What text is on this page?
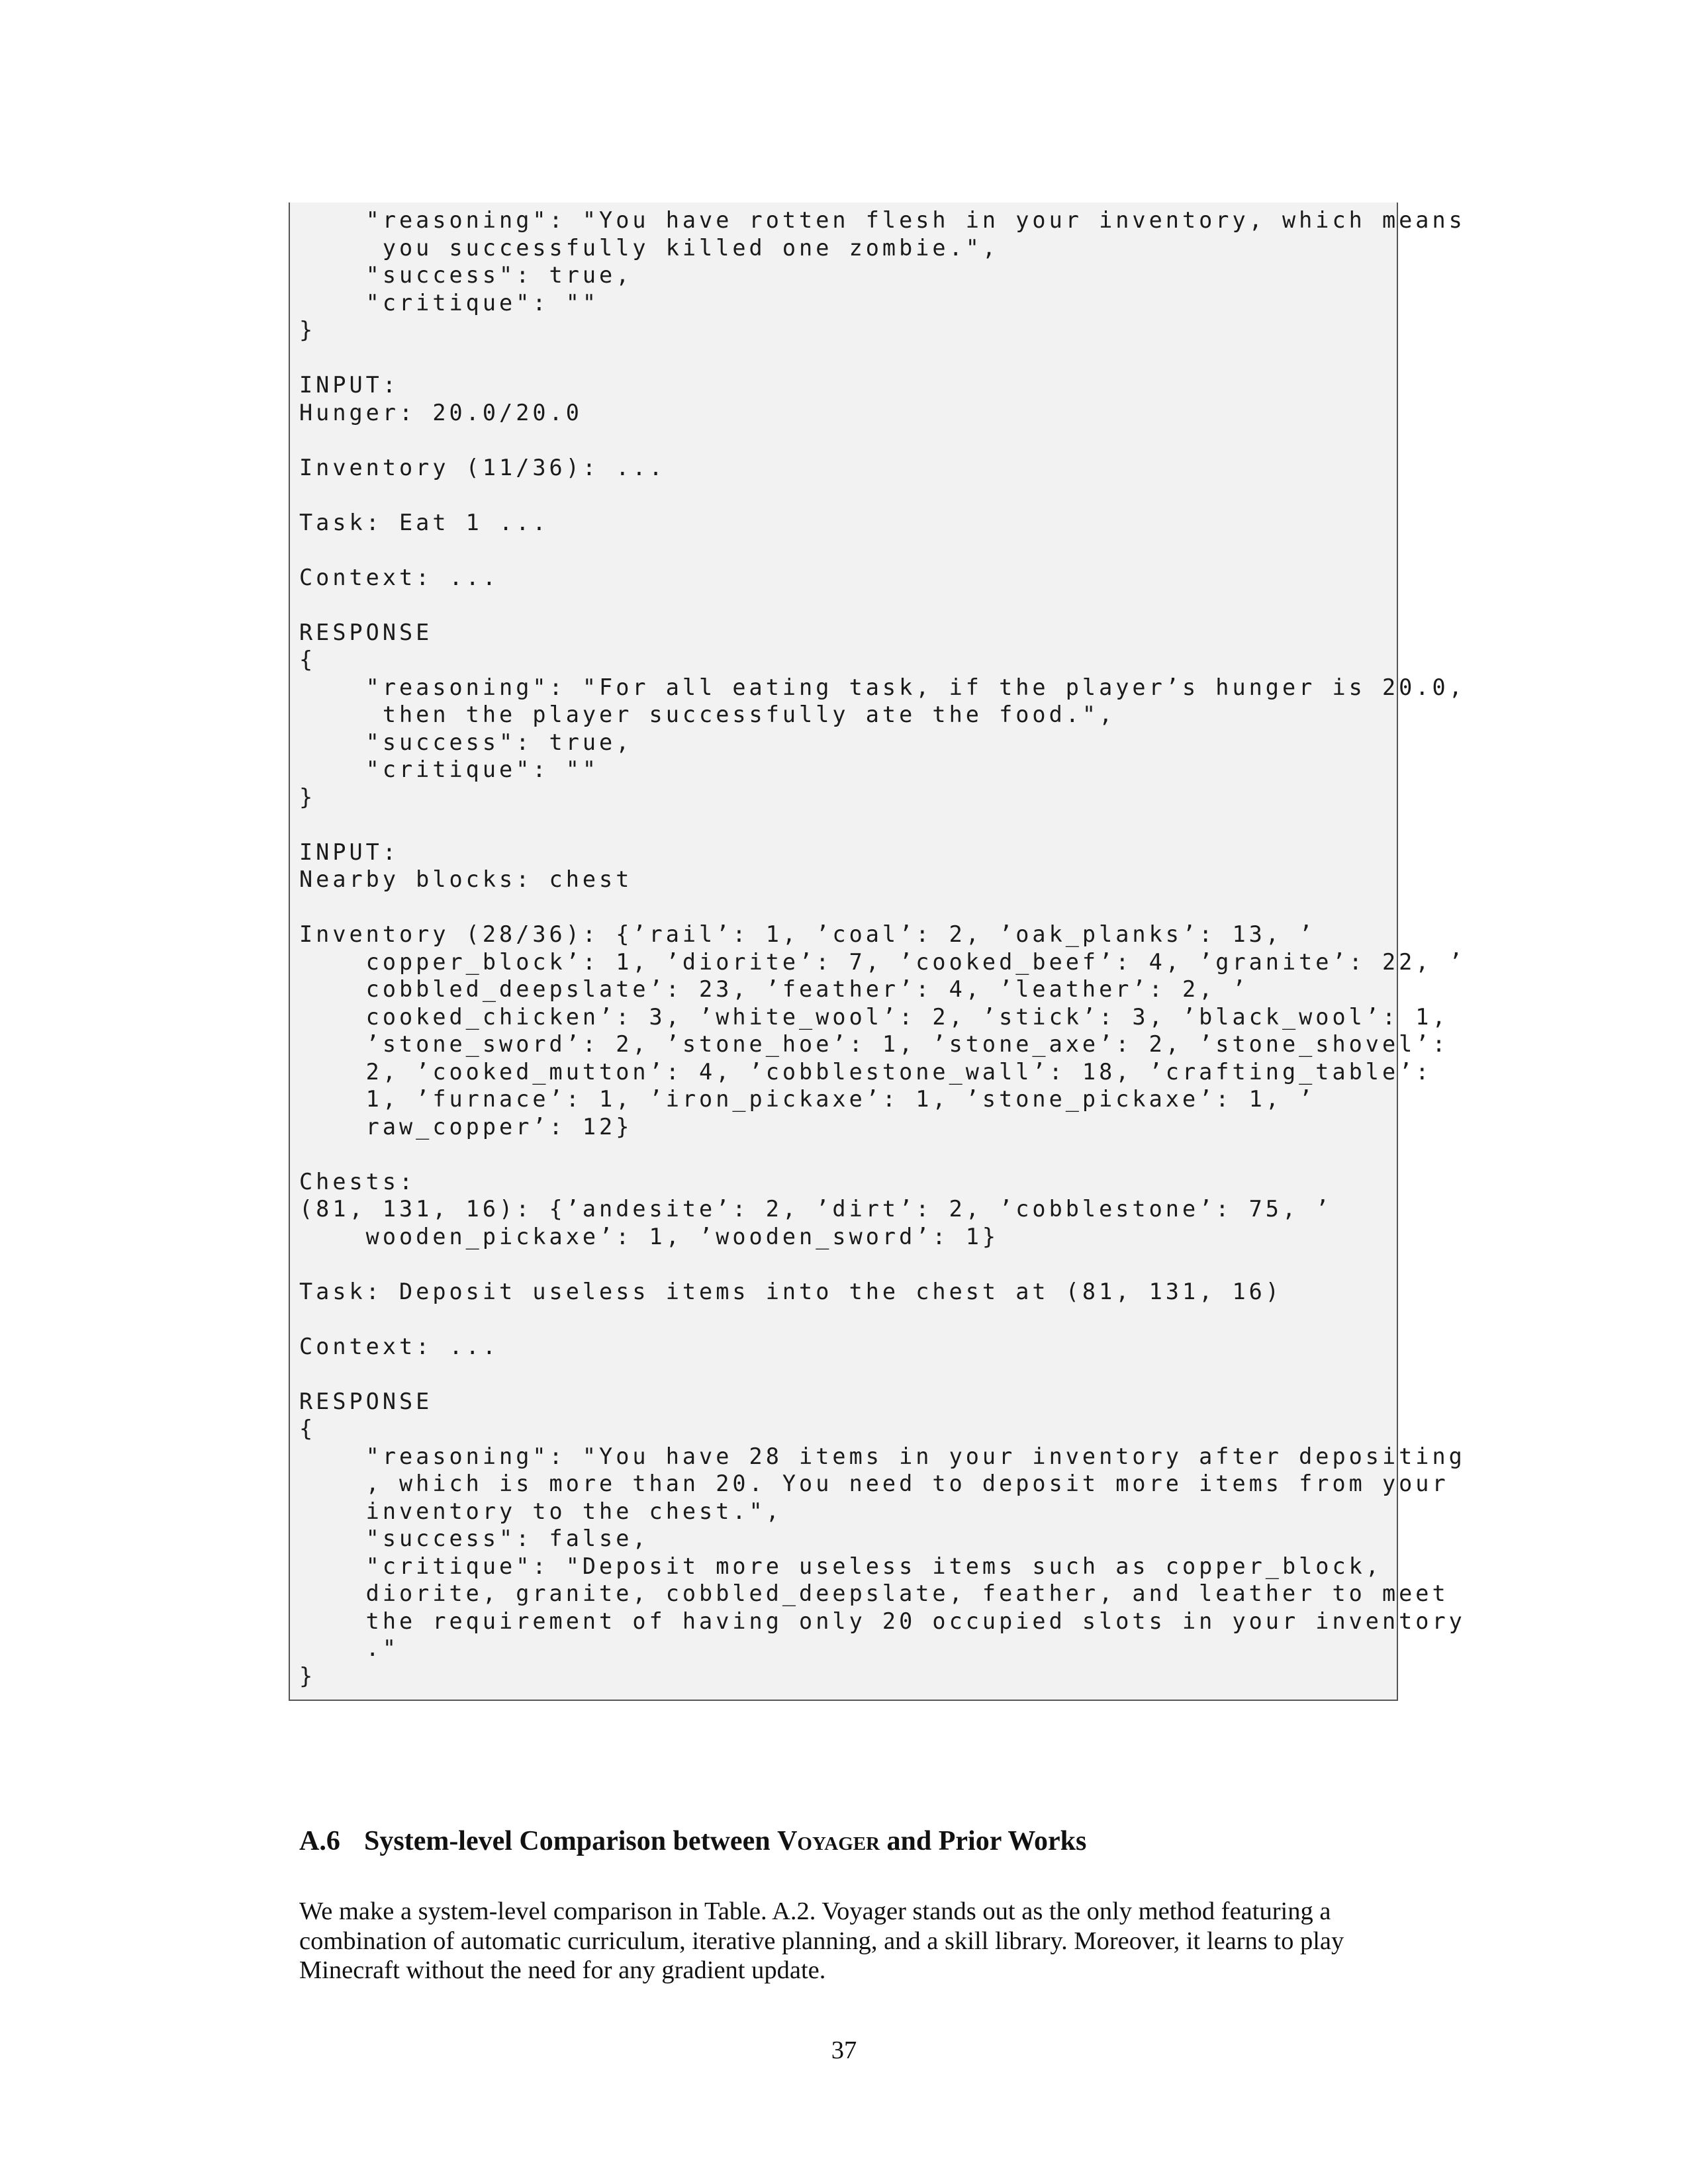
"reasoning": "You have rotten flesh in your inventory, which means
you successfully killed one zombie.",
"success": true,
"critique": ""
}
INPUT:
Hunger: 20.0/20.0
Inventory (11/36): ...
Task: Eat 1 ...
Context: ...
RESPONSE
{
"reasoning": "For all eating task, if the player’s hunger is 20.0,
then the player successfully ate the food.",
"success": true,
"critique": ""
}
INPUT:
Nearby blocks: chest
Inventory (28/36): {’rail’: 1, ’coal’: 2, ’oak_planks’: 13, ’
copper_block’: 1, ’diorite’: 7, ’cooked_beef’: 4, ’granite’: 22, ’
cobbled_deepslate’: 23, ’feather’: 4, ’leather’: 2, ’
cooked_chicken’: 3, ’white_wool’: 2, ’stick’: 3, ’black_wool’: 1,
’stone_sword’: 2, ’stone_hoe’: 1, ’stone_axe’: 2, ’stone_shovel’:
2, ’cooked_mutton’: 4, ’cobblestone_wall’: 18, ’crafting_table’:
1, ’furnace’: 1, ’iron_pickaxe’: 1, ’stone_pickaxe’: 1, ’
raw_copper’: 12}
Chests:
(81, 131, 16): {’andesite’: 2, ’dirt’: 2, ’cobblestone’: 75, ’
wooden_pickaxe’: 1, ’wooden_sword’: 1}
Task: Deposit useless items into the chest at (81, 131, 16)
Context: ...
RESPONSE
{
"reasoning": "You have 28 items in your inventory after depositing
, which is more than 20. You need to deposit more items from your
inventory to the chest.",
"success": false,
"critique": "Deposit more useless items such as copper_block,
diorite, granite, cobbled_deepslate, feather, and leather to meet
the requirement of having only 20 occupied slots in your inventory
."
}
A.6 System-level Comparison between Voyager and Prior Works

We make a system-level comparison in Table. A.2. Voyager stands out as the only method featuring a combination of automatic curriculum, iterative planning, and a skill library. Moreover, it learns to play Minecraft without the need for any gradient update.

37
